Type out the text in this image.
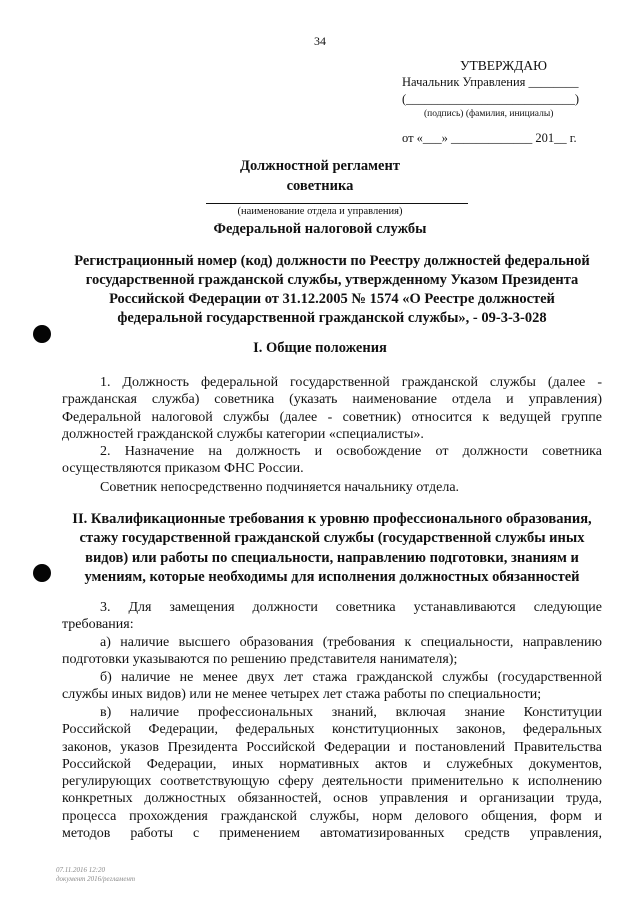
34
УТВЕРЖДАЮ
Начальник Управления ________
(___________________________)
(подпись) (фамилия, инициалы)
от «___» _____________ 201__ г.
Должностной регламент
советника
(наименование отдела и управления)
Федеральной налоговой службы
Регистрационный номер (код) должности по Реестру должностей федеральной
государственной гражданской службы, утвержденному Указом Президента
Российской Федерации от 31.12.2005 № 1574 «О Реестре должностей
федеральной государственной гражданской службы», - 09-3-3-028
I. Общие положения
1. Должность федеральной государственной гражданской службы (далее -
гражданская служба) советника (указать наименование отдела и управления)
Федеральной налоговой службы (далее - советник) относится к ведущей группе
должностей гражданской службы категории «специалисты».
2. Назначение на должность и освобождение от должности советника
осуществляются приказом ФНС России.
Советник непосредственно подчиняется начальнику отдела.
II. Квалификационные требования к уровню профессионального образования,
стажу государственной гражданской службы (государственной службы иных
видов) или работы по специальности, направлению подготовки, знаниям и
умениям, которые необходимы для исполнения должностных обязанностей
3. Для замещения должности советника устанавливаются следующие
требования:
а) наличие высшего образования (требования к специальности, направлению
подготовки указываются по решению представителя нанимателя);
б) наличие не менее двух лет стажа гражданской службы (государственной
службы иных видов) или не менее четырех лет стажа работы по специальности;
в) наличие профессиональных знаний, включая знание Конституции
Российской Федерации, федеральных конституционных законов, федеральных
законов, указов Президента Российской Федерации и постановлений Правительства
Российской Федерации, иных нормативных актов и служебных документов,
регулирующих соответствующую сферу деятельности применительно к исполнению
конкретных должностных обязанностей, основ управления и организации труда,
процесса прохождения гражданской службы, норм делового общения, форм и
методов работы с применением автоматизированных средств управления,
07.11.2016 12:20
документ 2016/регламент
